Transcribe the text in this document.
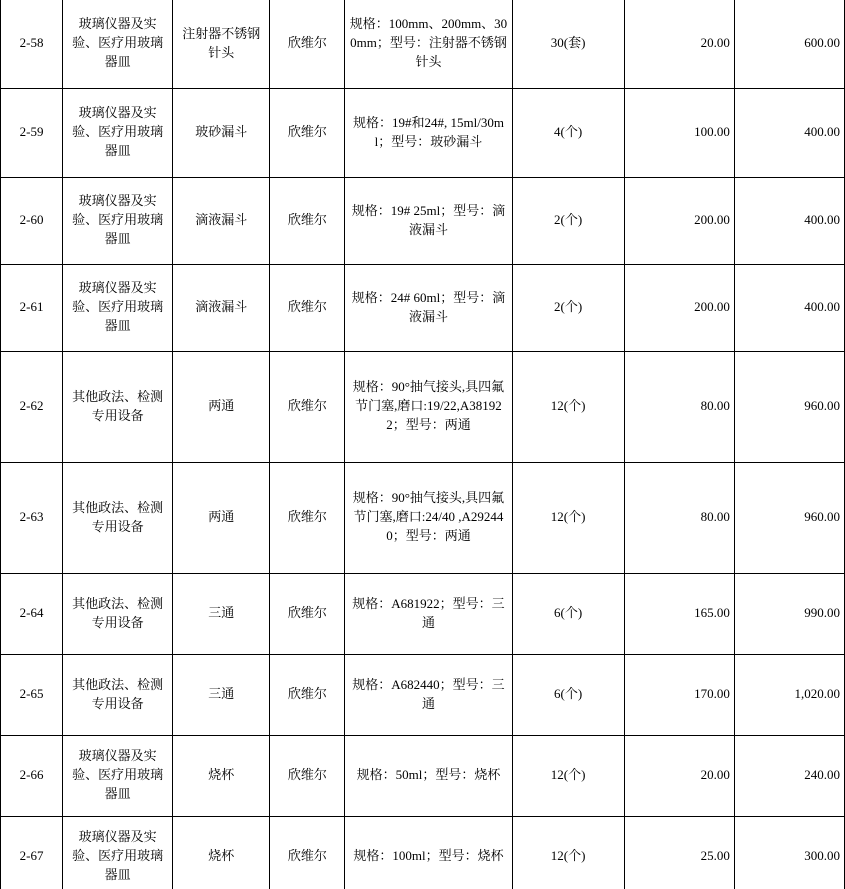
2-58	玻璃仪器及实验、医疗用玻璃器皿	注射器不锈钢针头	欣维尔	规格：100mm、200mm、300mm；型号：注射器不锈钢针头	30(套)	20.00	600.00
2-59	玻璃仪器及实验、医疗用玻璃器皿	玻砂漏斗	欣维尔	规格：19#和24#, 15ml/30ml；型号：玻砂漏斗	4(个)	100.00	400.00
2-60	玻璃仪器及实验、医疗用玻璃器皿	滴液漏斗	欣维尔	规格：19# 25ml；型号：滴液漏斗	2(个)	200.00	400.00
2-61	玻璃仪器及实验、医疗用玻璃器皿	滴液漏斗	欣维尔	规格：24# 60ml；型号：滴液漏斗	2(个)	200.00	400.00
2-62	其他政法、检测专用设备	两通	欣维尔	规格：90°抽气接头,具四氟节门塞,磨口:19/22,A381922；型号：两通	12(个)	80.00	960.00
2-63	其他政法、检测专用设备	两通	欣维尔	规格：90°抽气接头,具四氟节门塞,磨口:24/40 ,A292440；型号：两通	12(个)	80.00	960.00
2-64	其他政法、检测专用设备	三通	欣维尔	规格：A681922；型号：三通	6(个)	165.00	990.00
2-65	其他政法、检测专用设备	三通	欣维尔	规格：A682440；型号：三通	6(个)	170.00	1,020.00
2-66	玻璃仪器及实验、医疗用玻璃器皿	烧杯	欣维尔	规格：50ml；型号：烧杯	12(个)	20.00	240.00
2-67	玻璃仪器及实验、医疗用玻璃器皿	烧杯	欣维尔	规格：100ml；型号：烧杯	12(个)	25.00	300.00
